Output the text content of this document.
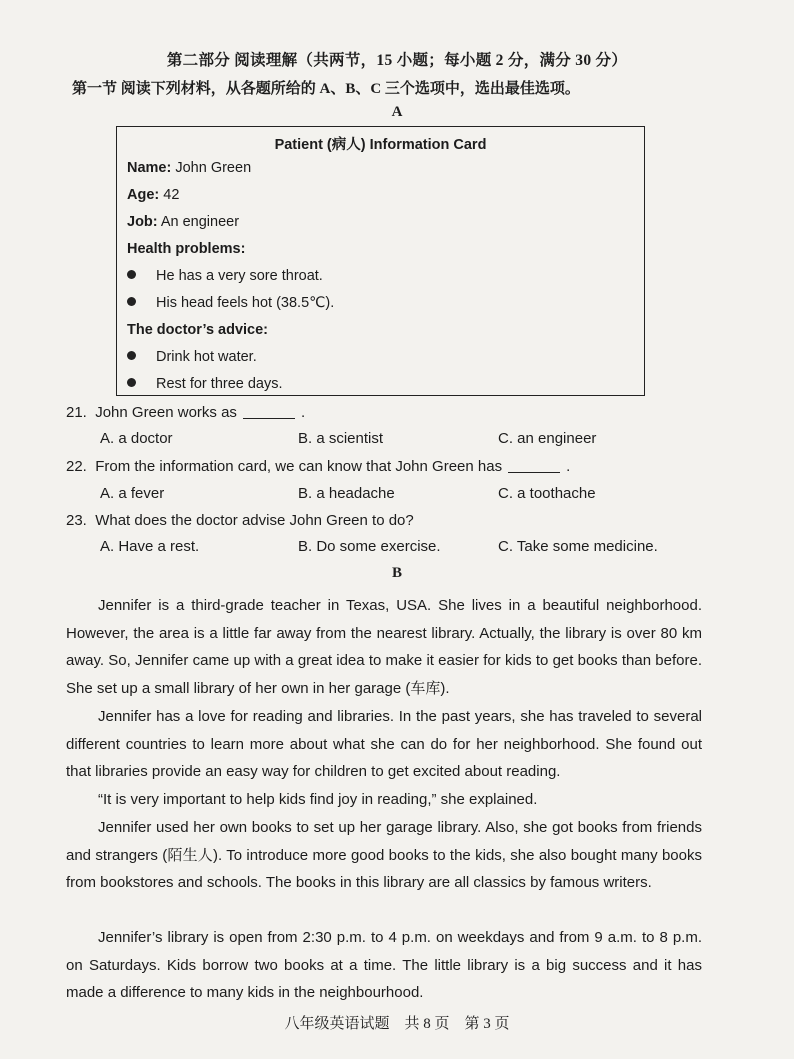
第二部分 阅读理解（共两节，15 小题；每小题 2 分，满分 30 分）
第一节 阅读下列材料，从各题所给的 A、B、C 三个选项中，选出最佳选项。
A
Patient (病人) Information Card
Name: John Green
Age: 42
Job: An engineer
Health problems:
He has a very sore throat.
His head feels hot (38.5℃).
The doctor’s advice:
Drink hot water.
Rest for three days.
21. John Green works as	.
A. a doctor	B. a scientist	C. an engineer
22. From the information card, we can know that John Green has	.
A. a fever	B. a headache	C. a toothache
23. What does the doctor advise John Green to do?
A. Have a rest.	B. Do some exercise.	C. Take some medicine.
B
Jennifer is a third-grade teacher in Texas, USA. She lives in a beautiful neighborhood. However, the area is a little far away from the nearest library. Actually, the library is over 80 km away. So, Jennifer came up with a great idea to make it easier for kids to get books than before. She set up a small library of her own in her garage (车库).
Jennifer has a love for reading and libraries. In the past years, she has traveled to several different countries to learn more about what she can do for her neighborhood. She found out that libraries provide an easy way for children to get excited about reading.
“It is very important to help kids find joy in reading,” she explained.
Jennifer used her own books to set up her garage library. Also, she got books from friends and strangers (陌生人). To introduce more good books to the kids, she also bought many books from bookstores and schools. The books in this library are all classics by famous writers.
Jennifer’s library is open from 2:30 p.m. to 4 p.m. on weekdays and from 9 a.m. to 8 p.m. on Saturdays. Kids borrow two books at a time. The little library is a big success and it has made a difference to many kids in the neighbourhood.
八年级英语试题　共 8 页　第 3 页
